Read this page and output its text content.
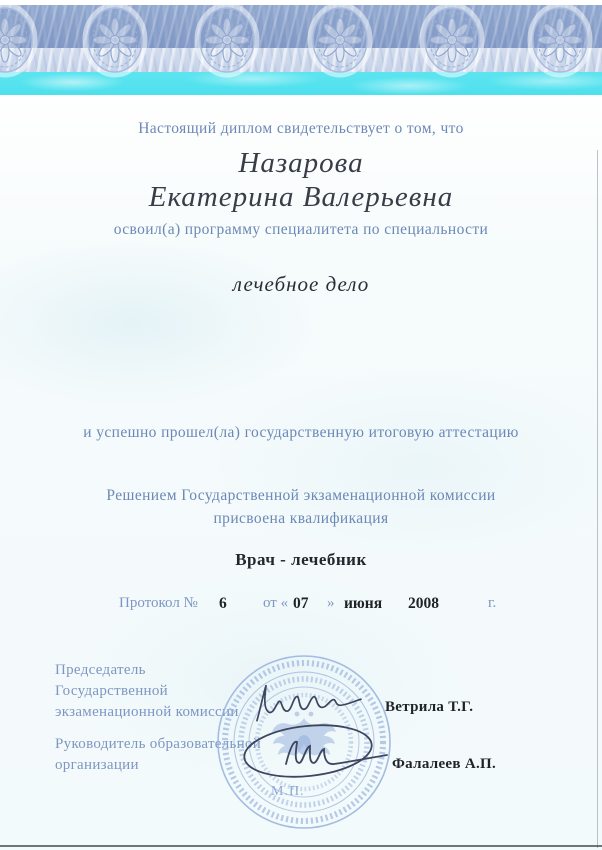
Настоящий диплом свидетельствует о том, что

Назарова

Екатерина Валерьевна

освоил(а) программу специалитета по специальности

лечебное дело

и успешно прошел(ла) государственную итоговую аттестацию

Решением Государственной экзаменационной комиссии

присвоена квалификация

Врач - лечебник

Протокол № 6 от « 07 » июня 2008	г.

Председатель

Государственной

экзаменационной комиссии

Руководитель образовательной

организации

Ветрила Т.Г.

Фалалеев А.П.

М.П.
